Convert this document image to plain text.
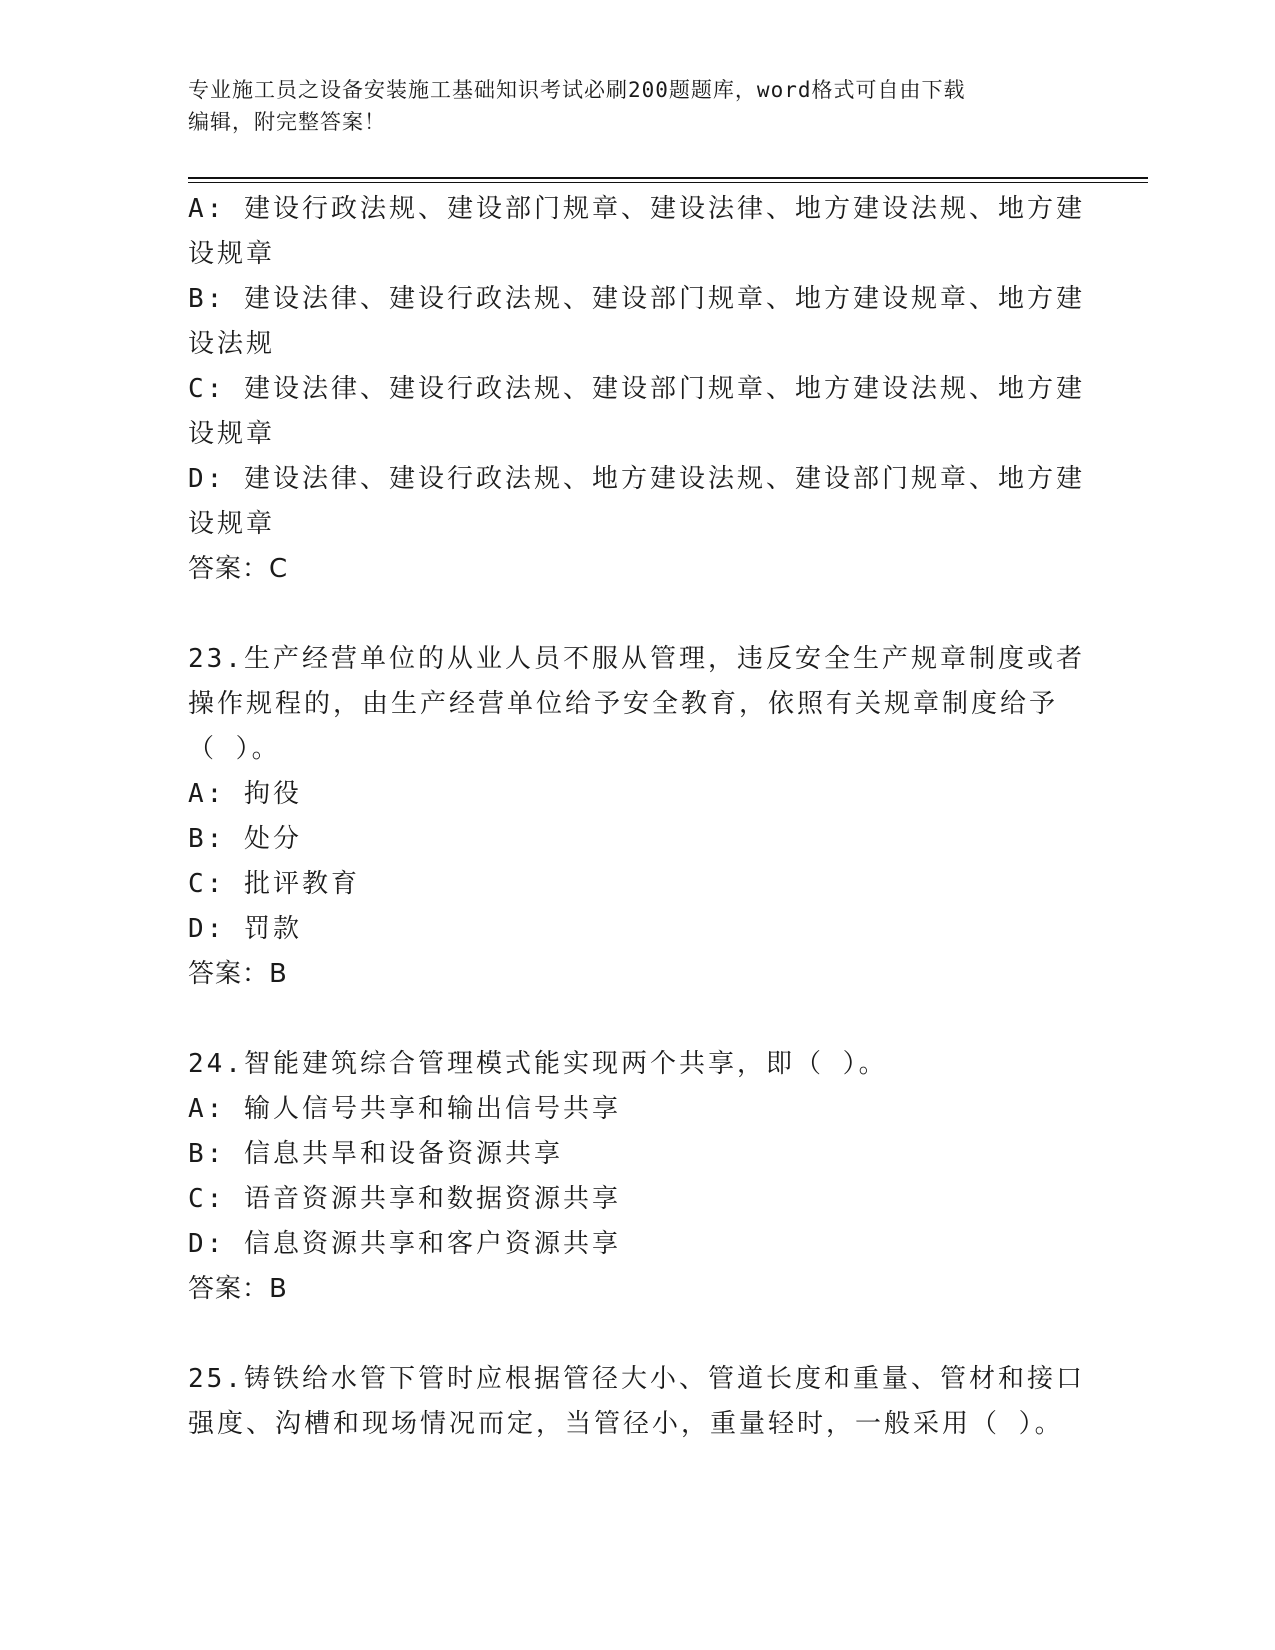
专业施工员之设备安装施工基础知识考试必刷200题题库，word格式可自由下载
编辑，附完整答案！
A: 建设行政法规、建设部门规章、建设法律、地方建设法规、地方建
设规章
B: 建设法律、建设行政法规、建设部门规章、地方建设规章、地方建
设法规
C: 建设法律、建设行政法规、建设部门规章、地方建设法规、地方建
设规章
D: 建设法律、建设行政法规、地方建设法规、建设部门规章、地方建
设规章
答案：C
23.生产经营单位的从业人员不服从管理，违反安全生产规章制度或者
操作规程的，由生产经营单位给予安全教育，依照有关规章制度给予
（ ）。
A: 拘役
B: 处分
C: 批评教育
D: 罚款
答案：B
24.智能建筑综合管理模式能实现两个共享，即（ ）。
A: 输人信号共享和输出信号共享
B: 信息共旱和设备资源共享
C: 语音资源共享和数据资源共享
D: 信息资源共享和客户资源共享
答案：B
25.铸铁给水管下管时应根据管径大小、管道长度和重量、管材和接口
强度、沟槽和现场情况而定，当管径小，重量轻时，一般采用（ ）。
